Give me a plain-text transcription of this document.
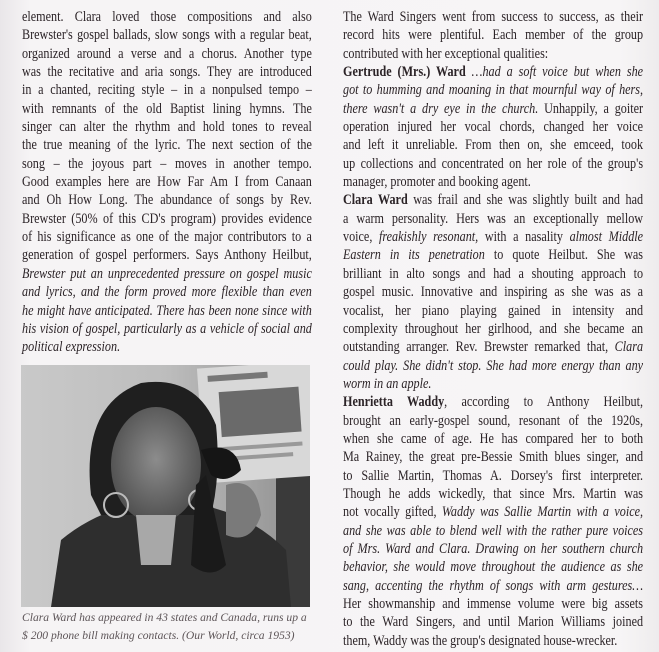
element. Clara loved those compositions and also
Brewster's gospel ballads, slow songs with a regular beat,
organized around a verse and a chorus. Another type
was the recitative and aria songs. They are introduced
in a chanted, reciting style – in a nonpulsed tempo –
with remnants of the old Baptist lining hymns. The
singer can alter the rhythm and hold tones to reveal
the true meaning of the lyric. The next section of the
song – the joyous part – moves in another tempo.
Good examples here are How Far Am I from Canaan
and Oh How Long. The abundance of songs by Rev.
Brewster (50% of this CD's program) provides evidence
of his significance as one of the major contributors to a
generation of gospel performers. Says Anthony Heilbut,
Brewster put an unprecedented pressure on gospel music
and lyrics, and the form proved more flexible than even
he might have anticipated. There has been none since with
his vision of gospel, particularly as a vehicle of social and
political expression.
The Ward Singers went from success to success, as their
record hits were plentiful. Each member of the group
contributed with her exceptional qualities:
Gertrude (Mrs.) Ward …had a soft voice but when she
got to humming and moaning in that mournful way of hers,
there wasn't a dry eye in the church. Unhappily, a goiter
operation injured her vocal chords, changed her voice
and left it unreliable. From then on, she emceed, took
up collections and concentrated on her role of the group's
manager, promoter and booking agent.
Clara Ward was frail and she was slightly built and had
a warm personality. Hers was an exceptionally mellow
voice, freakishly resonant, with a nasality almost Middle
Eastern in its penetration to quote Heilbut. She was
brilliant in alto songs and had a shouting approach to
gospel music. Innovative and inspiring as she was as a
vocalist, her piano playing gained in intensity and
complexity throughout her girlhood, and she became an
outstanding arranger. Rev. Brewster remarked that, Clara
could play. She didn't stop. She had more energy than any
worm in an apple.
Henrietta Waddy, according to Anthony Heilbut,
brought an early-gospel sound, resonant of the 1920s,
when she came of age. He has compared her to both
Ma Rainey, the great pre-Bessie Smith blues singer, and
to Sallie Martin, Thomas A. Dorsey's first interpreter.
Though he adds wickedly, that since Mrs. Martin was
not vocally gifted, Waddy was Sallie Martin with a voice,
and she was able to blend well with the rather pure voices
of Mrs. Ward and Clara. Drawing on her southern church
behavior, she would move throughout the audience as she
sang, accenting the rhythm of songs with arm gestures…
Her showmanship and immense volume were big assets
to the Ward Singers, and until Marion Williams joined
them, Waddy was the group's designated house-wrecker.
Clara Ward has appeared in 43 states and Canada, runs up a
$ 200 phone bill making contacts. (Our World, circa 1953)
